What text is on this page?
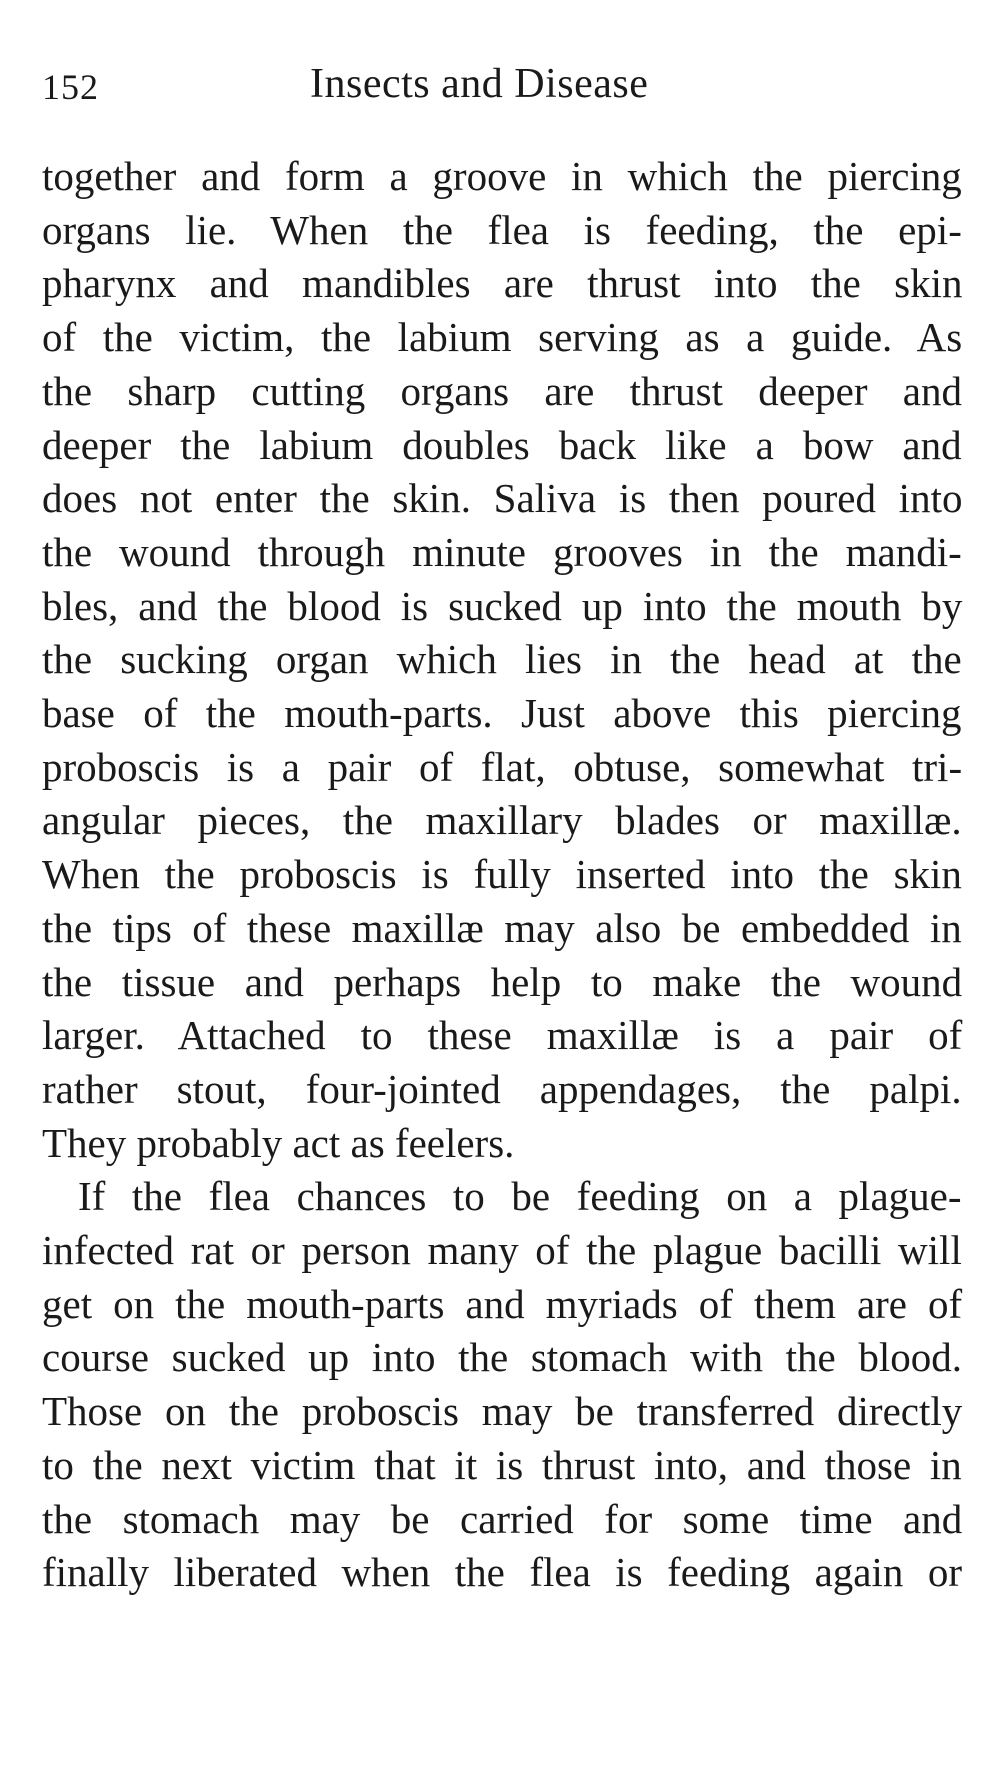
152	Insects and Disease

together and form a groove in which the piercing
organs lie. When the flea is feeding, the epi-
pharynx and mandibles are thrust into the skin
of the victim, the labium serving as a guide. As
the sharp cutting organs are thrust deeper and
deeper the labium doubles back like a bow and
does not enter the skin. Saliva is then poured into
the wound through minute grooves in the mandi-
bles, and the blood is sucked up into the mouth by
the sucking organ which lies in the head at the
base of the mouth-parts. Just above this piercing
proboscis is a pair of flat, obtuse, somewhat tri-
angular pieces, the maxillary blades or maxillæ.
When the proboscis is fully inserted into the skin
the tips of these maxillæ may also be embedded in
the tissue and perhaps help to make the wound
larger. Attached to these maxillæ is a pair of
rather stout, four-jointed appendages, the palpi.
They probably act as feelers.

If the flea chances to be feeding on a plague-
infected rat or person many of the plague bacilli will
get on the mouth-parts and myriads of them are of
course sucked up into the stomach with the blood.
Those on the proboscis may be transferred directly
to the next victim that it is thrust into, and those in
the stomach may be carried for some time and
finally liberated when the flea is feeding again or
